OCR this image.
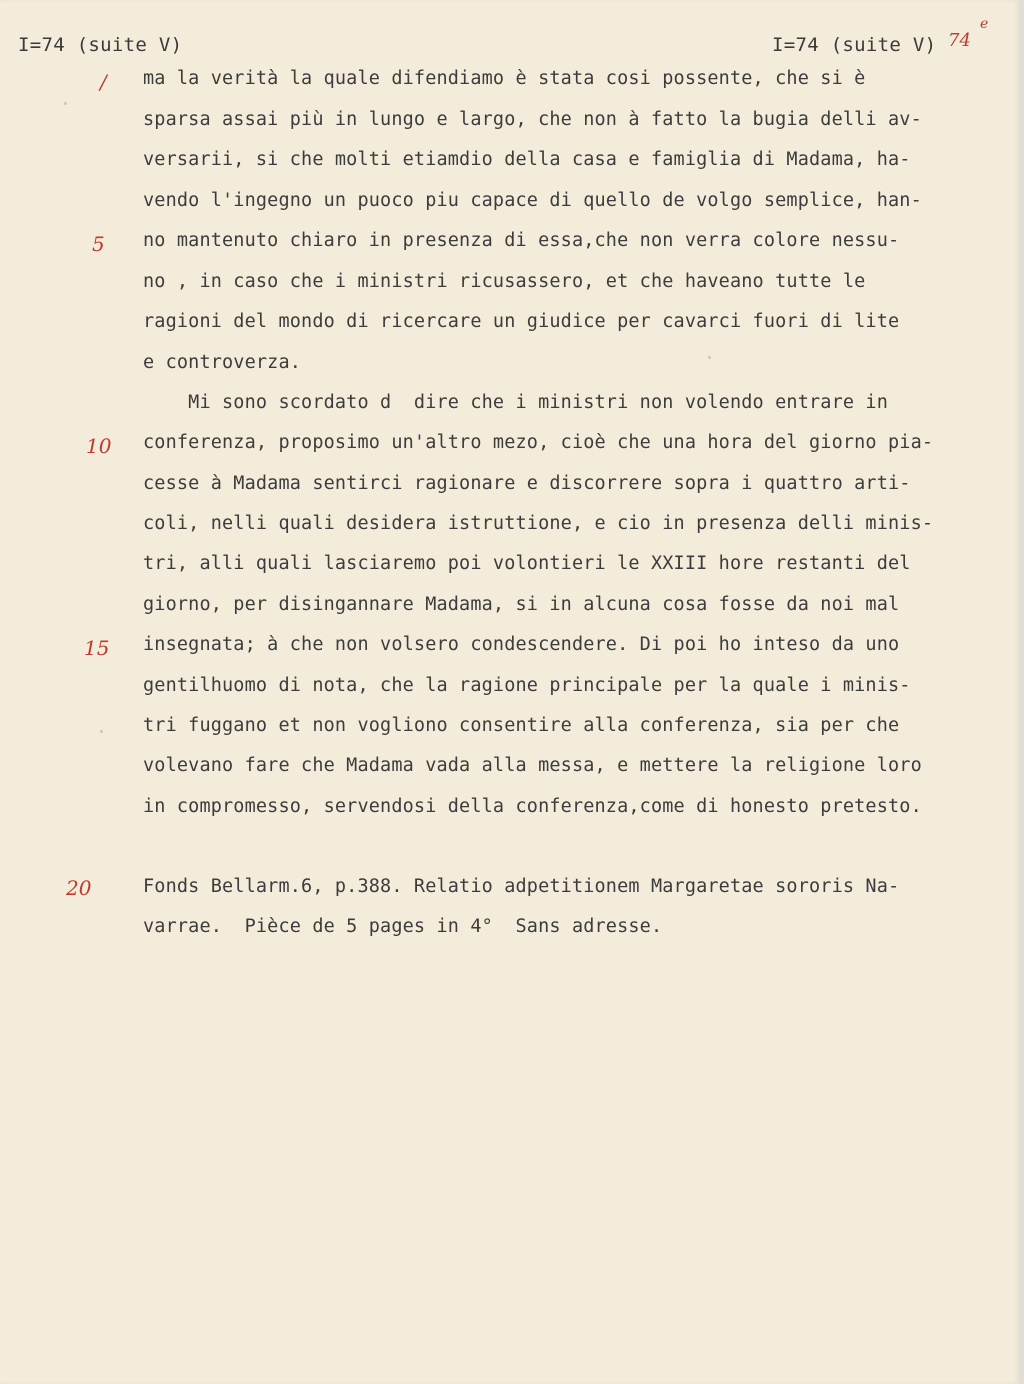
I=74 (suite V)	I=74 (suite V) 74
e
/
5
10
15
20
ma la verità la quale difendiamo è stata cosi possente, che si è
sparsa assai più in lungo e largo, che non à fatto la bugia delli av-
versarii, si che molti etiamdio della casa e famiglia di Madama, ha-
vendo l'ingegno un puoco piu capace di quello de volgo semplice, han-
no mantenuto chiaro in presenza di essa,che non verra colore nessu-
no , in caso che i ministri ricusassero, et che haveano tutte le
ragioni del mondo di ricercare un giudice per cavarci fuori di lite
e controverza.
Mi sono scordato d  dire che i ministri non volendo entrare in
conferenza, proposimo un'altro mezo, cioè che una hora del giorno pia-
cesse à Madama sentirci ragionare e discorrere sopra i quattro arti-
coli, nelli quali desidera istruttione, e cio in presenza delli minis-
tri, alli quali lasciaremo poi volontieri le XXIII hore restanti del
giorno, per disingannare Madama, si in alcuna cosa fosse da noi mal
insegnata; à che non volsero condescendere. Di poi ho inteso da uno
gentilhuomo di nota, che la ragione principale per la quale i minis-
tri fuggano et non vogliono consentire alla conferenza, sia per che
volevano fare che Madama vada alla messa, e mettere la religione loro
in compromesso, servendosi della conferenza,come di honesto pretesto.
Fonds Bellarm.6, p.388. Relatio adpetitionem Margaretae sororis Na-
varrae.  Pièce de 5 pages in 4°  Sans adresse.
